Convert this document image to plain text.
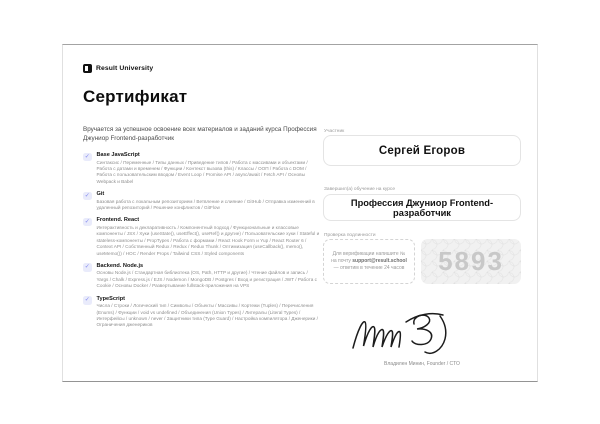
Result University
Сертификат
Вручается за успешное освоение всех материалов и заданий курса Профессия Джуниор Frontend-разработчик
✓	Base JavaScript
Синтаксис / Переменные / Типы данных / Приведение типов / Работа с массивами и объектами / Работа с датами и временем / Функции / Контекст вызова (this) / Классы / ООП / Работа с DOM / Работа с пользовательским вводом / Event Loop / Promise API / async/await / Fetch API / Основы Webpack и Babel
✓	Git
Базовая работа с локальным репозиторием / Ветвление и слияние / GitHub / Отправка изменений в удаленный репозиторий / Решение конфликтов / GitFlow
✓	Frontend. React
Интерактивность и декларативность / Компонентный подход / Функциональные и классовые компоненты / JSX / Хуки (useState(), useEffect(), useRef() и другие) / Пользовательские хуки / Stateful и stateless-компоненты / PropTypes / Работа с формами / React Hook Form и Yup / React Router 6 / Context API / Собственный Redux / Redux / Redux Thunk / Оптимизация (useCallback(), memo(), useMemo()) / HOC / Render Props / Tailwind CSS / Styled components
✓	Backend. Node.js
Основы Node.js / Стандартная библиотека (OS, Path, HTTP и другие) / Чтение файлов и запись / Yargs / Chalk / Express.js / EJS / Nodemon / MongoDB / Postgres / Вход и регистрация / JWT / Работа с Cookie / Основы Docker / Развертывание fullstack-приложения на VPS
✓	TypeScript
Числа / Строки / Логический тип / Символы / Объекты / Массивы / Кортежи (Tuples) / Перечисления (Enums) / Функции / void vs undefined / Объединения (Union Types) / Литералы (Literal Types) / Интерфейсы / unknown / never / Защитники типа (Type Guard) / Настройка компилятора / Дженерики / Ограничения дженериков
Участник
Сергей Егоров
Завершил(а) обучение на курсе
Профессия Джуниор Frontend-разработчик
Проверка подлинности
Для верификации напишите № на почту support@result.school — ответим в течение 24 часов 5893
Владилен Минин, Founder / CTO
